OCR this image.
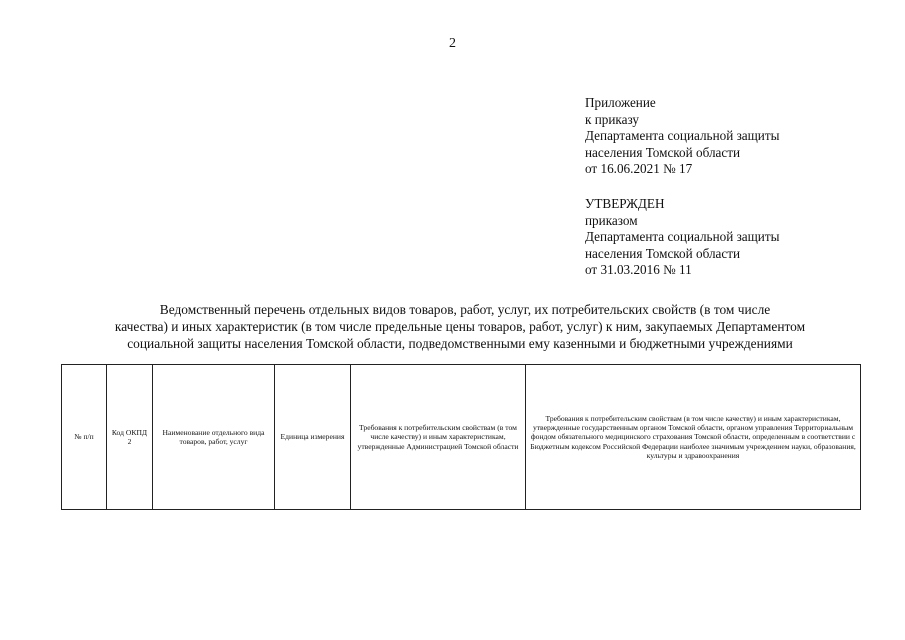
2
Приложение
к приказу
Департамента социальной защиты
населения Томской области
от 16.06.2021 № 17
УТВЕРЖДЕН
приказом
Департамента социальной защиты
населения Томской области
от 31.03.2016 № 11
Ведомственный перечень отдельных видов товаров, работ, услуг, их потребительских свойств (в том числе
качества) и иных характеристик (в том числе предельные цены товаров, работ, услуг) к ним, закупаемых Департаментом
социальной защиты населения Томской области, подведомственными ему казенными и бюджетными учреждениями
№ п/п	Код ОКПД 2	Наименование отдельного вида товаров, работ, услуг	Единица измерения	Требования к потребительским свойствам (в том числе качеству) и иным характеристикам, утвержденные Администрацией Томской области	Требования к потребительским свойствам (в том числе качеству) и иным характеристикам, утвержденные государственным органом Томской области, органом управления Территориальным фондом обязательного медицинского страхования Томской области, определенным в соответствии с Бюджетным кодексом Российской Федерации наиболее значимым учреждением науки, образования, культуры и здравоохранения
